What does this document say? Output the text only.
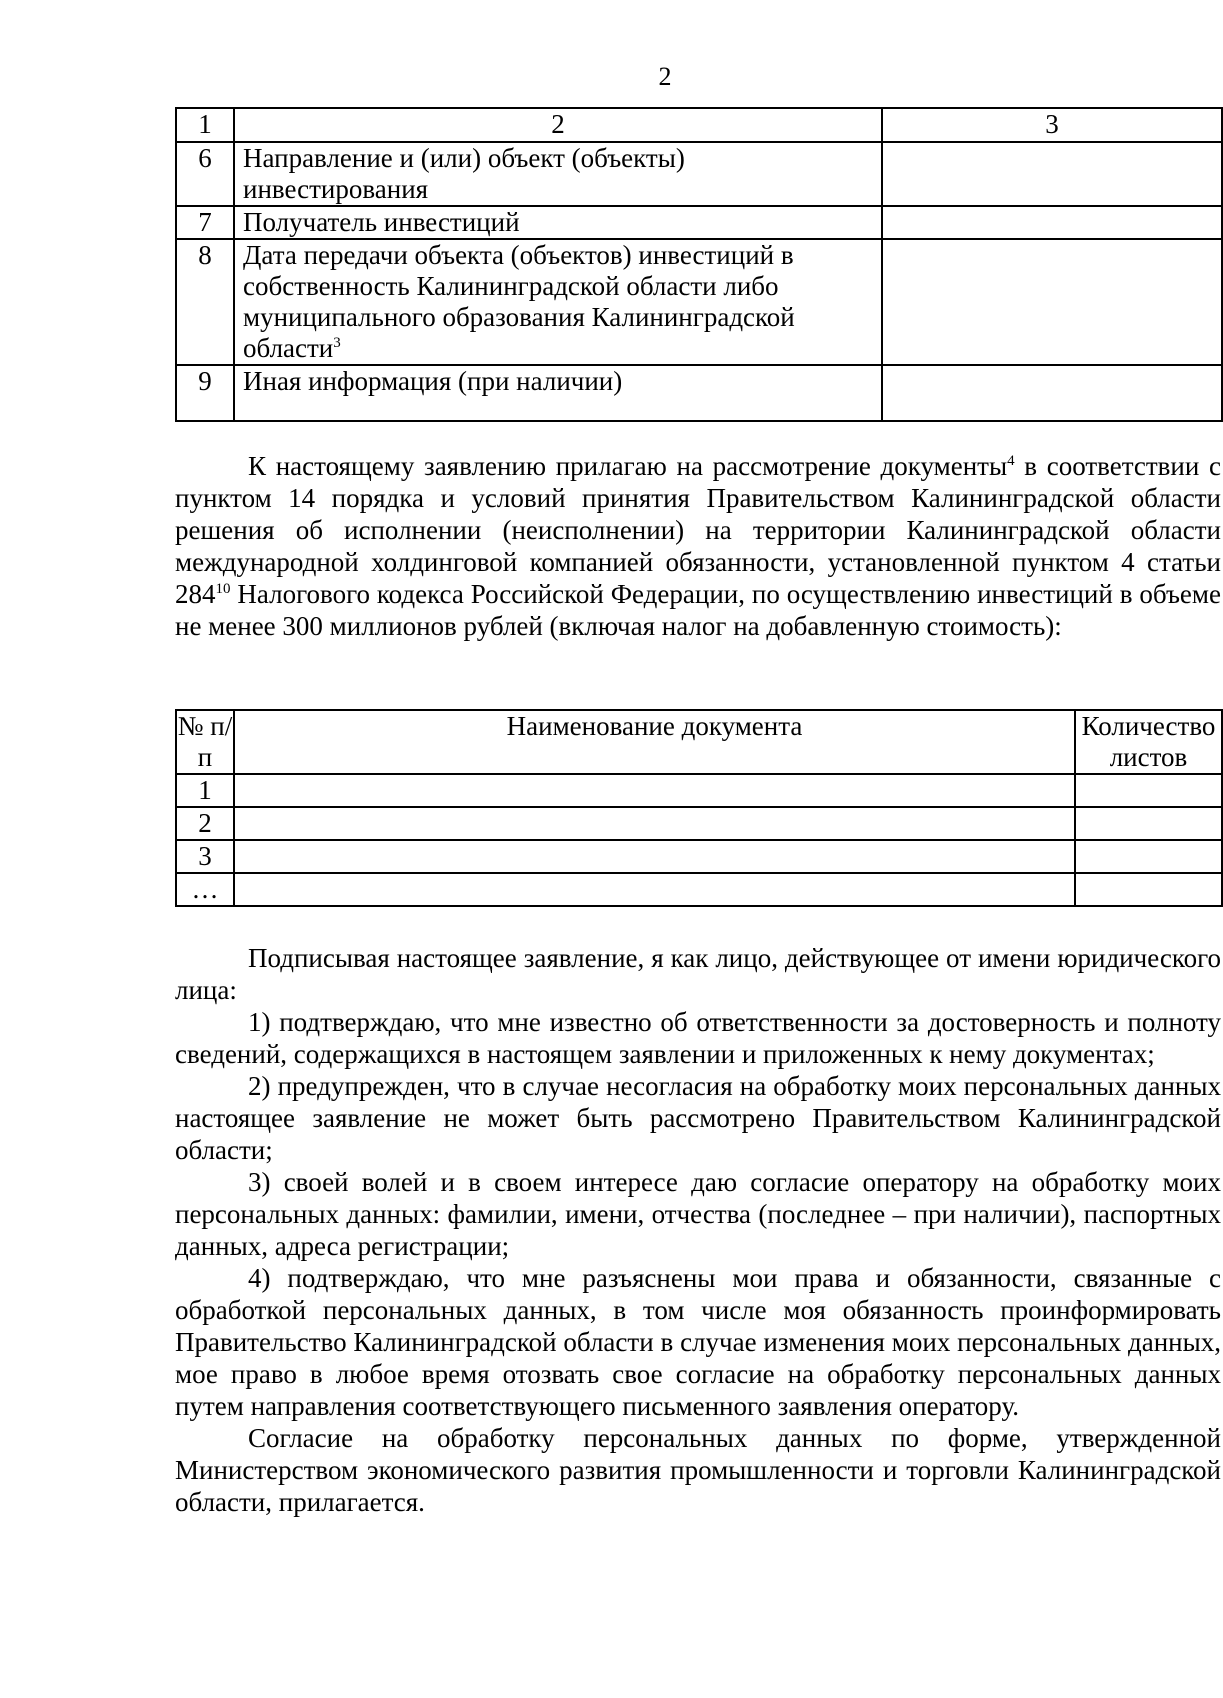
2
1	2	3
6	Направление и (или) объект (объекты) инвестирования	
7	Получатель инвестиций	
8	Дата передачи объекта (объектов) инвестиций в собственность Калининградской области либо муниципального образования Калининградской области$^3$	
9	Иная информация (при наличии)	

К настоящему заявлению прилагаю на рассмотрение документы$^4$ в соответствии с пунктом 14 порядка и условий принятия Правительством Калининградской области решения об исполнении (неисполнении) на территории Калининградской области международной холдинговой компанией обязанности, установленной пунктом 4 статьи $284^{10}$ Налогового кодекса Российской Федерации, по осуществлению инвестиций в объеме не менее 300 миллионов рублей (включая налог на добавленную стоимость):

№ п/п	Наименование документа	Количество листов
1		
2		
3		
…		

Подписывая настоящее заявление, я как лицо, действующее от имени юридического лица:

1) подтверждаю, что мне известно об ответственности за достоверность и полноту сведений, содержащихся в настоящем заявлении и приложенных к нему документах;

2) предупрежден, что в случае несогласия на обработку моих персональных данных настоящее заявление не может быть рассмотрено Правительством Калининградской области;

3) своей волей и в своем интересе даю согласие оператору на обработку моих персональных данных: фамилии, имени, отчества (последнее – при наличии), паспортных данных, адреса регистрации;

4) подтверждаю, что мне разъяснены мои права и обязанности, связанные с обработкой персональных данных, в том числе моя обязанность проинформировать Правительство Калининградской области в случае изменения моих персональных данных, мое право в любое время отозвать свое согласие на обработку персональных данных путем направления соответствующего письменного заявления оператору.

Согласие на обработку персональных данных по форме, утвержденной Министерством экономического развития промышленности и торговли Калининградской области, прилагается.
